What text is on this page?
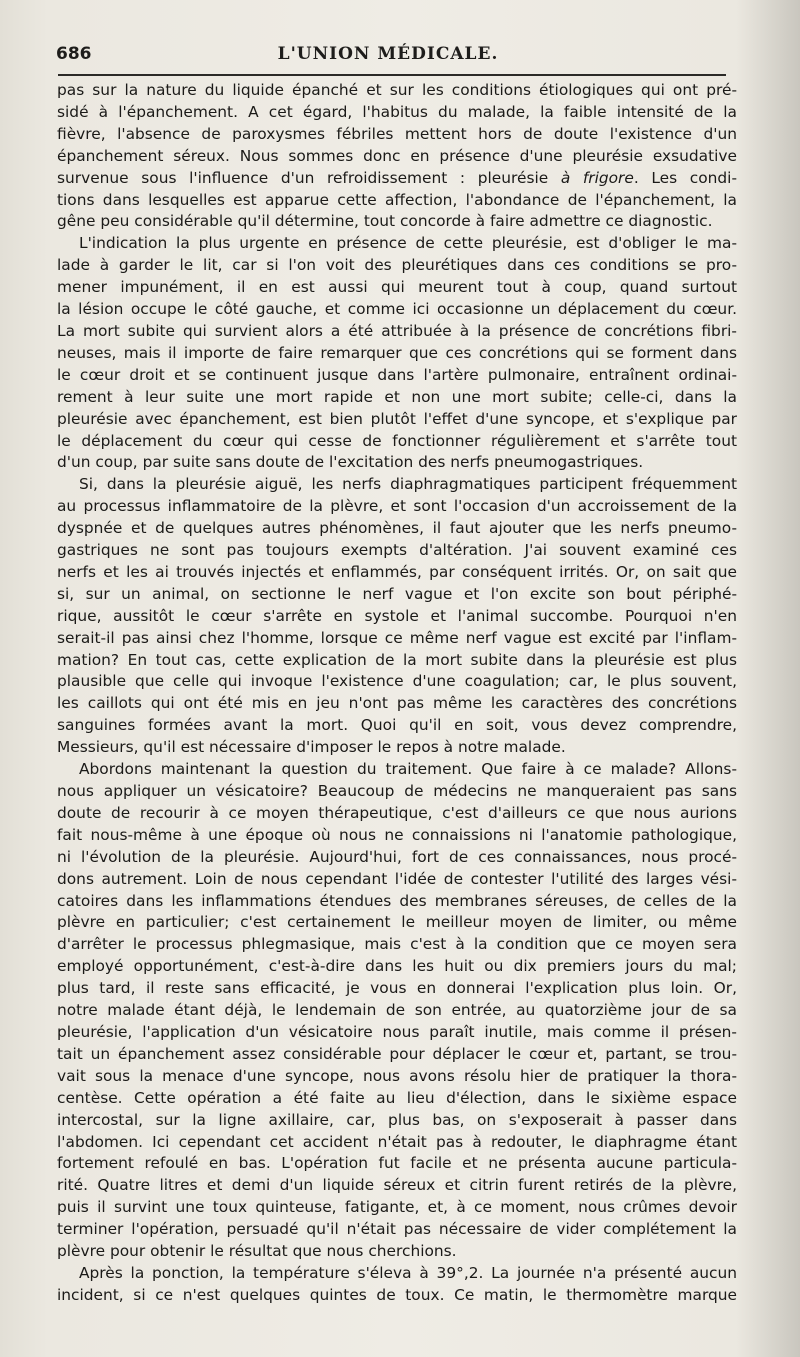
686	L'UNION MÉDICALE.
pas sur la nature du liquide épanché et sur les conditions étiologiques qui ont pré-
sidé à l'épanchement. A cet égard, l'habitus du malade, la faible intensité de la
fièvre, l'absence de paroxysmes fébriles mettent hors de doute l'existence d'un
épanchement séreux. Nous sommes donc en présence d'une pleurésie exsudative
survenue sous l'influence d'un refroidissement : pleurésie à frigore. Les condi-
tions dans lesquelles est apparue cette affection, l'abondance de l'épanchement, la
gêne peu considérable qu'il détermine, tout concorde à faire admettre ce diagnostic.
L'indication la plus urgente en présence de cette pleurésie, est d'obliger le ma-
lade à garder le lit, car si l'on voit des pleurétiques dans ces conditions se pro-
mener impunément, il en est aussi qui meurent tout à coup, quand surtout
la lésion occupe le côté gauche, et comme ici occasionne un déplacement du cœur.
La mort subite qui survient alors a été attribuée à la présence de concrétions fibri-
neuses, mais il importe de faire remarquer que ces concrétions qui se forment dans
le cœur droit et se continuent jusque dans l'artère pulmonaire, entraînent ordinai-
rement à leur suite une mort rapide et non une mort subite; celle-ci, dans la
pleurésie avec épanchement, est bien plutôt l'effet d'une syncope, et s'explique par
le déplacement du cœur qui cesse de fonctionner régulièrement et s'arrête tout
d'un coup, par suite sans doute de l'excitation des nerfs pneumogastriques.
Si, dans la pleurésie aiguë, les nerfs diaphragmatiques participent fréquemment
au processus inflammatoire de la plèvre, et sont l'occasion d'un accroissement de la
dyspnée et de quelques autres phénomènes, il faut ajouter que les nerfs pneumo-
gastriques ne sont pas toujours exempts d'altération. J'ai souvent examiné ces
nerfs et les ai trouvés injectés et enflammés, par conséquent irrités. Or, on sait que
si, sur un animal, on sectionne le nerf vague et l'on excite son bout périphé-
rique, aussitôt le cœur s'arrête en systole et l'animal succombe. Pourquoi n'en
serait-il pas ainsi chez l'homme, lorsque ce même nerf vague est excité par l'inflam-
mation? En tout cas, cette explication de la mort subite dans la pleurésie est plus
plausible que celle qui invoque l'existence d'une coagulation; car, le plus souvent,
les caillots qui ont été mis en jeu n'ont pas même les caractères des concrétions
sanguines formées avant la mort. Quoi qu'il en soit, vous devez comprendre,
Messieurs, qu'il est nécessaire d'imposer le repos à notre malade.
Abordons maintenant la question du traitement. Que faire à ce malade? Allons-
nous appliquer un vésicatoire? Beaucoup de médecins ne manqueraient pas sans
doute de recourir à ce moyen thérapeutique, c'est d'ailleurs ce que nous aurions
fait nous-même à une époque où nous ne connaissions ni l'anatomie pathologique,
ni l'évolution de la pleurésie. Aujourd'hui, fort de ces connaissances, nous procé-
dons autrement. Loin de nous cependant l'idée de contester l'utilité des larges vési-
catoires dans les inflammations étendues des membranes séreuses, de celles de la
plèvre en particulier; c'est certainement le meilleur moyen de limiter, ou même
d'arrêter le processus phlegmasique, mais c'est à la condition que ce moyen sera
employé opportunément, c'est-à-dire dans les huit ou dix premiers jours du mal;
plus tard, il reste sans efficacité, je vous en donnerai l'explication plus loin. Or,
notre malade étant déjà, le lendemain de son entrée, au quatorzième jour de sa
pleurésie, l'application d'un vésicatoire nous paraît inutile, mais comme il présen-
tait un épanchement assez considérable pour déplacer le cœur et, partant, se trou-
vait sous la menace d'une syncope, nous avons résolu hier de pratiquer la thora-
centèse. Cette opération a été faite au lieu d'élection, dans le sixième espace
intercostal, sur la ligne axillaire, car, plus bas, on s'exposerait à passer dans
l'abdomen. Ici cependant cet accident n'était pas à redouter, le diaphragme étant
fortement refoulé en bas. L'opération fut facile et ne présenta aucune particula-
rité. Quatre litres et demi d'un liquide séreux et citrin furent retirés de la plèvre,
puis il survint une toux quinteuse, fatigante, et, à ce moment, nous crûmes devoir
terminer l'opération, persuadé qu'il n'était pas nécessaire de vider complétement la
plèvre pour obtenir le résultat que nous cherchions.
Après la ponction, la température s'éleva à 39°,2. La journée n'a présenté aucun
incident, si ce n'est quelques quintes de toux. Ce matin, le thermomètre marque
